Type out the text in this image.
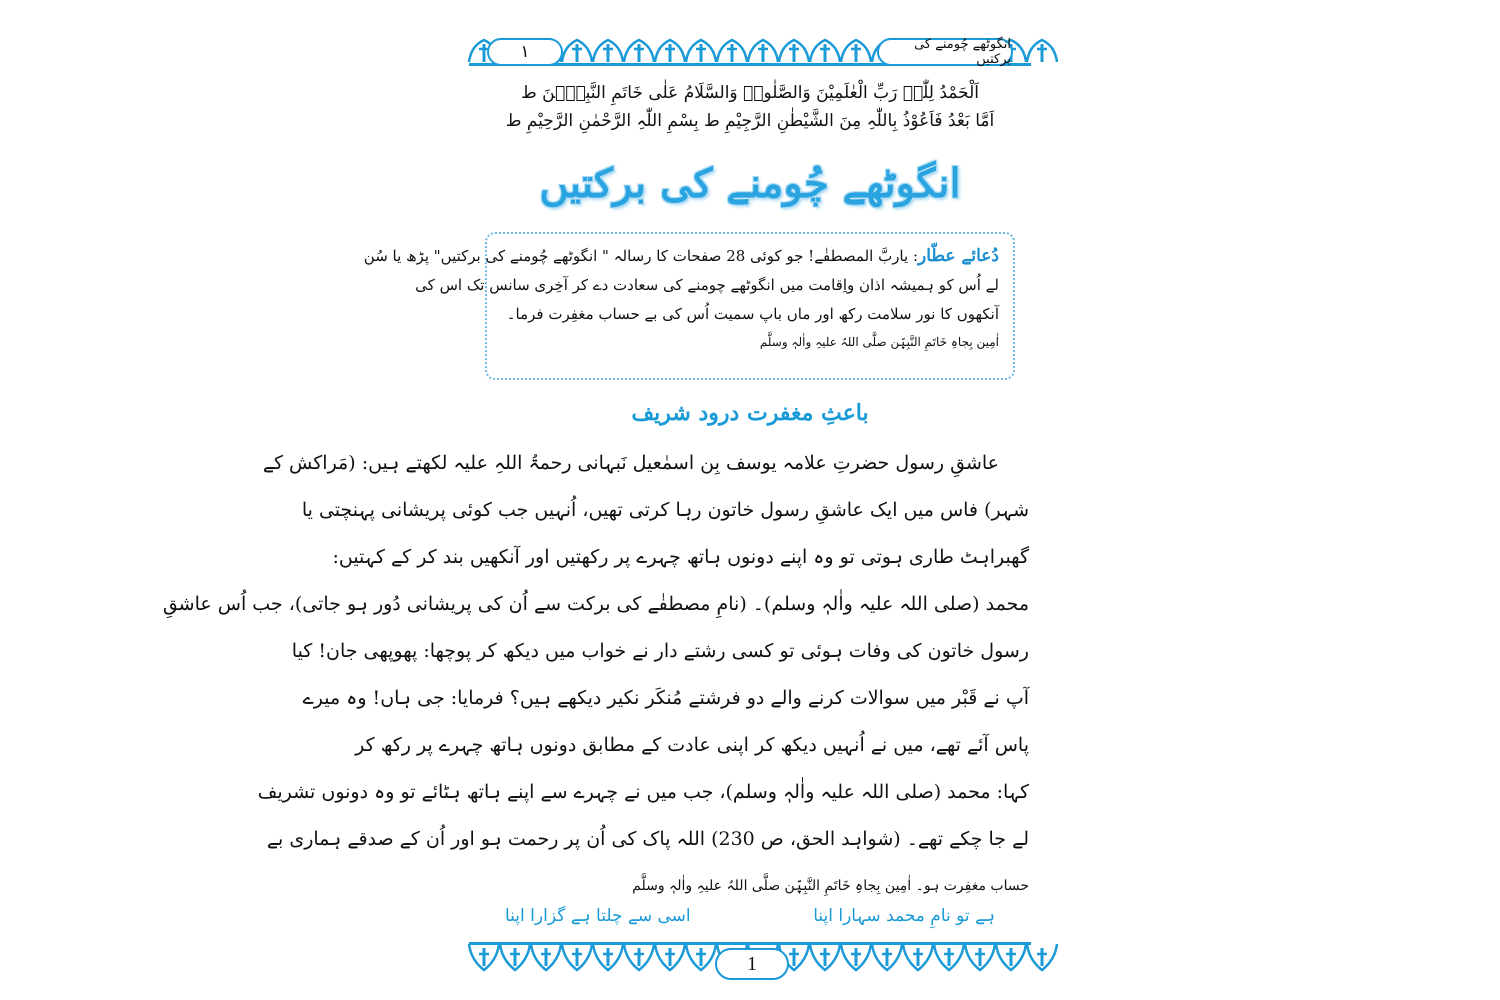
١	انگوٹھے چُومنے کی برکتیں
اَلْحَمْدُ لِلّٰہِ رَبِّ الْعٰلَمِیْنَ وَالصَّلٰوۃُ وَالسَّلَامُ عَلٰی خَاتَمِ النَّبِیّٖنَ ط
اَمَّا بَعْدُ فَاَعُوْذُ بِاللّٰہِ مِنَ الشَّیْطٰنِ الرَّجِیْمِ ط بِسْمِ اللّٰہِ الرَّحْمٰنِ الرَّحِیْمِ ط
انگوٹھے چُومنے کی برکتیں
دُعائے عطّار: یاربَّ المصطفٰے! جو کوئی 28 صفحات کا رسالہ " انگوٹھے چُومنے کی برکتیں" پڑھ یا سُن
لے اُس کو ہمیشہ اذان واِقامت میں انگوٹھے چومنے کی سعادت دے کر آخِری سانس تک اس کی
آنکھوں کا نور سلامت رکھ اور ماں باپ سمیت اُس کی بے حساب مغفِرت فرما۔
اٰمِین بِجاہِ خَاتَمِ النَّبِیّٖن صلَّی اللہُ علیہِ واٰلہٖ وسلَّم
باعثِ مغفرت درود شریف
عاشقِ رسول حضرتِ علامہ یوسف بِن اسمٰعیل نَبہانی رحمۃُ اللہِ علیہ لکھتے ہیں: (مَراکش کے
شہر) فاس میں ایک عاشقِ رسول خاتون رہا کرتی تھیں، اُنہیں جب کوئی پریشانی پہنچتی یا
گھبراہٹ طاری ہوتی تو وہ اپنے دونوں ہاتھ چہرے پر رکھتیں اور آنکھیں بند کر کے کہتیں:
محمد (صلی اللہ علیہ واٰلہٖ وسلم)۔ (نامِ مصطفٰے کی برکت سے اُن کی پریشانی دُور ہو جاتی)، جب اُس عاشقِ
رسول خاتون کی وفات ہوئی تو کسی رشتے دار نے خواب میں دیکھ کر پوچھا: پھوپھی جان! کیا
آپ نے قَبْر میں سوالات کرنے والے دو فرشتے مُنکَر نکیر دیکھے ہیں؟ فرمایا: جی ہاں! وہ میرے
پاس آئے تھے، میں نے اُنہیں دیکھ کر اپنی عادت کے مطابق دونوں ہاتھ چہرے پر رکھ کر
کہا: محمد (صلی اللہ علیہ واٰلہٖ وسلم)، جب میں نے چہرے سے اپنے ہاتھ ہٹائے تو وہ دونوں تشریف
لے جا چکے تھے۔ (شواہد الحق، ص 230) اللہ پاک کی اُن پر رحمت ہو اور اُن کے صدقے ہماری بے
حساب مغفِرت ہو۔ اٰمِین بِجاہِ خَاتَمِ النَّبِیّٖن صلَّی اللہُ علیہِ واٰلہٖ وسلَّم
ہے تو نامِ محمد سہارا اپنا
اسی سے چلتا ہے گزارا اپنا
1
